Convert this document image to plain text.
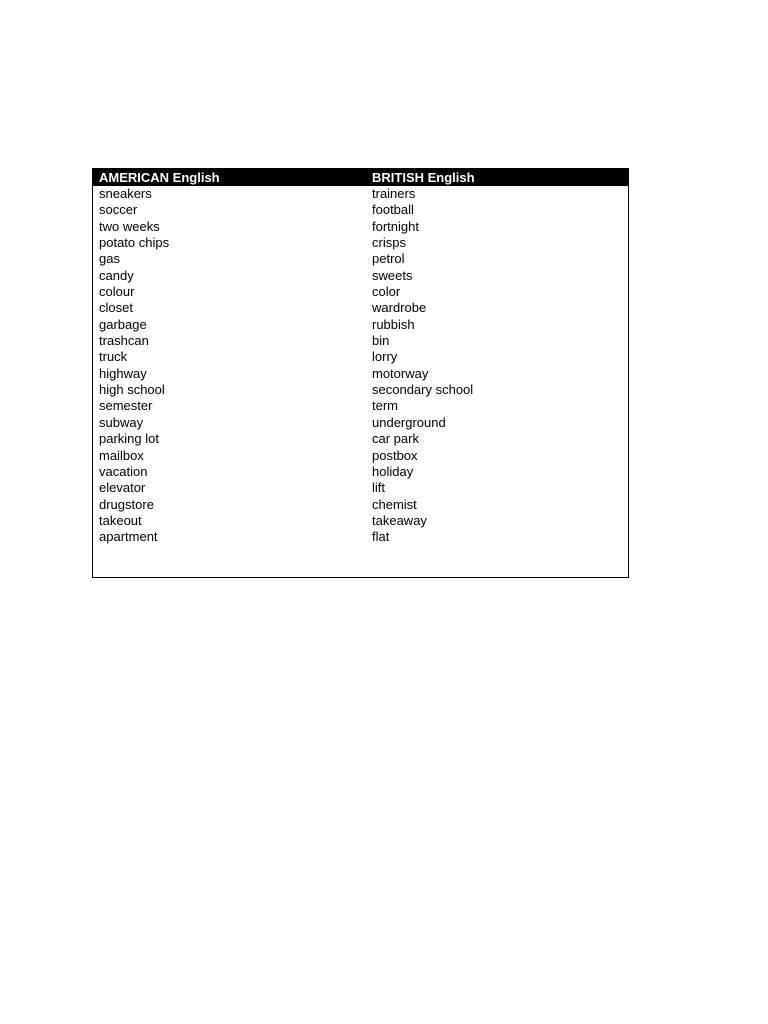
AMERICAN English	BRITISH English
sneakers	trainers
soccer	football
two weeks	fortnight
potato chips	crisps
gas	petrol
candy	sweets
colour	color
closet	wardrobe
garbage	rubbish
trashcan	bin
truck	lorry
highway	motorway
high school	secondary school
semester	term
subway	underground
parking lot	car park
mailbox	postbox
vacation	holiday
elevator	lift
drugstore	chemist
takeout	takeaway
apartment	flat
